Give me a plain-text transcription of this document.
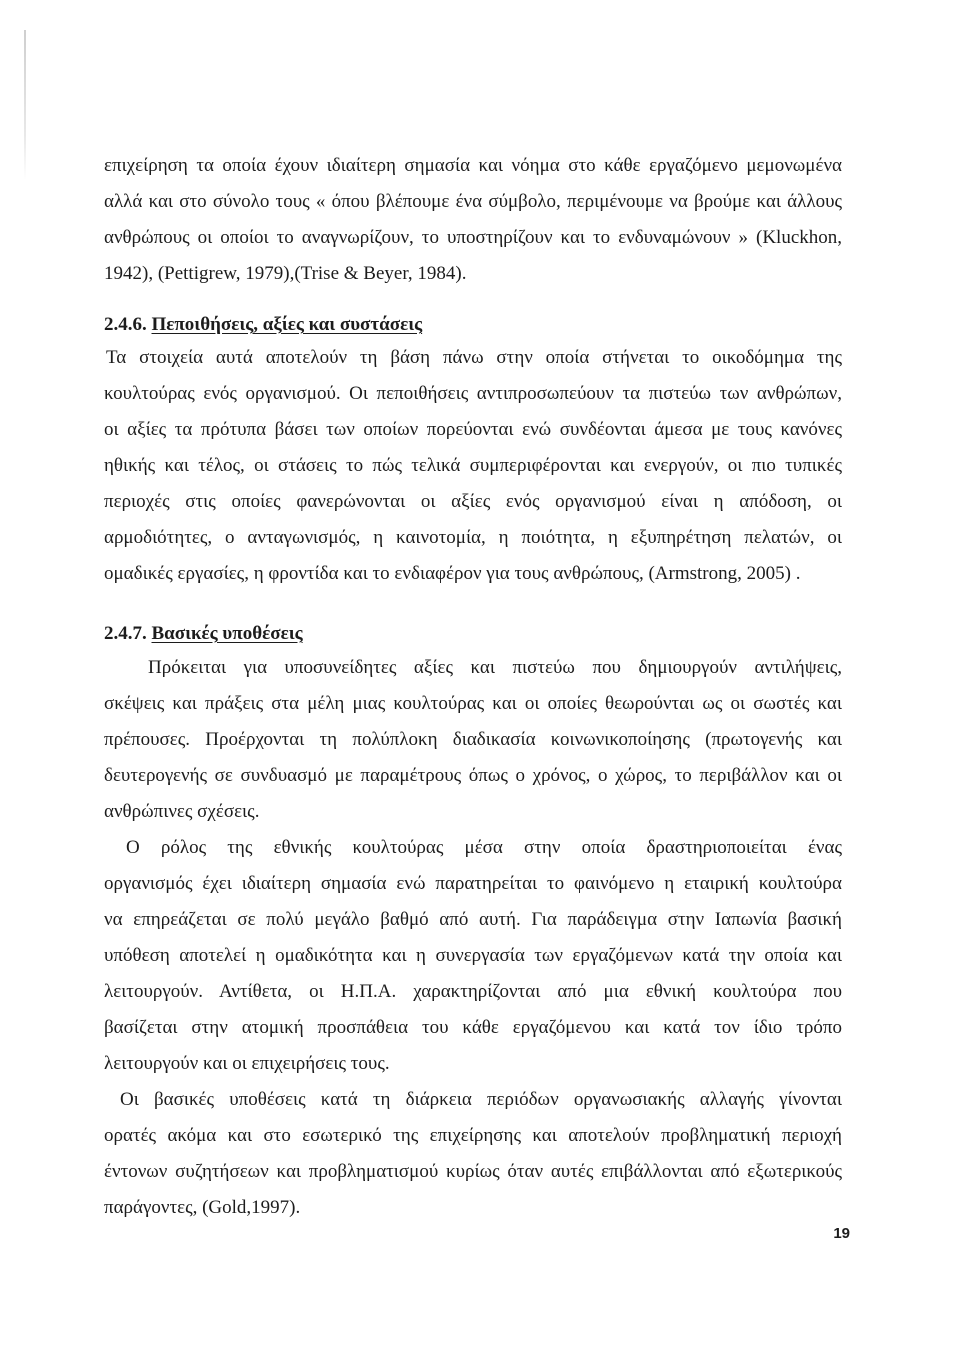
επιχείρηση τα οποία έχουν ιδιαίτερη σημασία και νόημα στο κάθε εργαζόμενο μεμονωμένα
αλλά και στο σύνολο τους « όπου βλέπουμε ένα σύμβολο, περιμένουμε να βρούμε και άλλους
ανθρώπους οι οποίοι το αναγνωρίζουν, το υποστηρίζουν και το ενδυναμώνουν » (Kluckhon,
1942), (Pettigrew, 1979),(Trise & Beyer, 1984).
2.4.6. Πεποιθήσεις, αξίες και συστάσεις
Τα στοιχεία αυτά αποτελούν τη βάση πάνω στην οποία στήνεται το οικοδόμημα της
κουλτούρας ενός οργανισμού. Οι πεποιθήσεις αντιπροσωπεύουν τα πιστεύω των ανθρώπων,
οι αξίες τα πρότυπα βάσει των οποίων πορεύονται ενώ συνδέονται άμεσα με τους κανόνες
ηθικής και τέλος, οι στάσεις το πώς τελικά συμπεριφέρονται και ενεργούν, οι πιο τυπικές
περιοχές στις οποίες φανερώνονται οι αξίες ενός οργανισμού είναι η απόδοση, οι
αρμοδιότητες, ο ανταγωνισμός, η καινοτομία, η ποιότητα, η εξυπηρέτηση πελατών, οι
ομαδικές εργασίες, η φροντίδα και το ενδιαφέρον για τους ανθρώπους, (Armstrong, 2005) .
2.4.7. Βασικές υποθέσεις
Πρόκειται για υποσυνείδητες αξίες και πιστεύω που δημιουργούν αντιλήψεις,
σκέψεις και πράξεις στα μέλη μιας κουλτούρας και οι οποίες θεωρούνται ως οι σωστές και
πρέπουσες. Προέρχονται τη πολύπλοκη διαδικασία κοινωνικοποίησης (πρωτογενής και
δευτερογενής σε συνδυασμό με παραμέτρους όπως ο χρόνος, ο χώρος, το περιβάλλον και οι
ανθρώπινες σχέσεις.
Ο ρόλος της εθνικής κουλτούρας μέσα στην οποία δραστηριοποιείται ένας
οργανισμός έχει ιδιαίτερη σημασία ενώ παρατηρείται το φαινόμενο η εταιρική κουλτούρα
να επηρεάζεται σε πολύ μεγάλο βαθμό από αυτή. Για παράδειγμα στην Ιαπωνία βασική
υπόθεση αποτελεί η ομαδικότητα και η συνεργασία των εργαζόμενων κατά την οποία και
λειτουργούν. Αντίθετα, οι Η.Π.Α. χαρακτηρίζονται από μια εθνική κουλτούρα που
βασίζεται στην ατομική προσπάθεια του κάθε εργαζόμενου και κατά τον ίδιο τρόπο
λειτουργούν και οι επιχειρήσεις τους.
Οι βασικές υποθέσεις κατά τη διάρκεια περιόδων οργανωσιακής αλλαγής γίνονται
ορατές ακόμα και στο εσωτερικό της επιχείρησης και αποτελούν προβληματική περιοχή
έντονων συζητήσεων και προβληματισμού κυρίως όταν αυτές επιβάλλονται από εξωτερικούς
παράγοντες, (Gold,1997).
19
